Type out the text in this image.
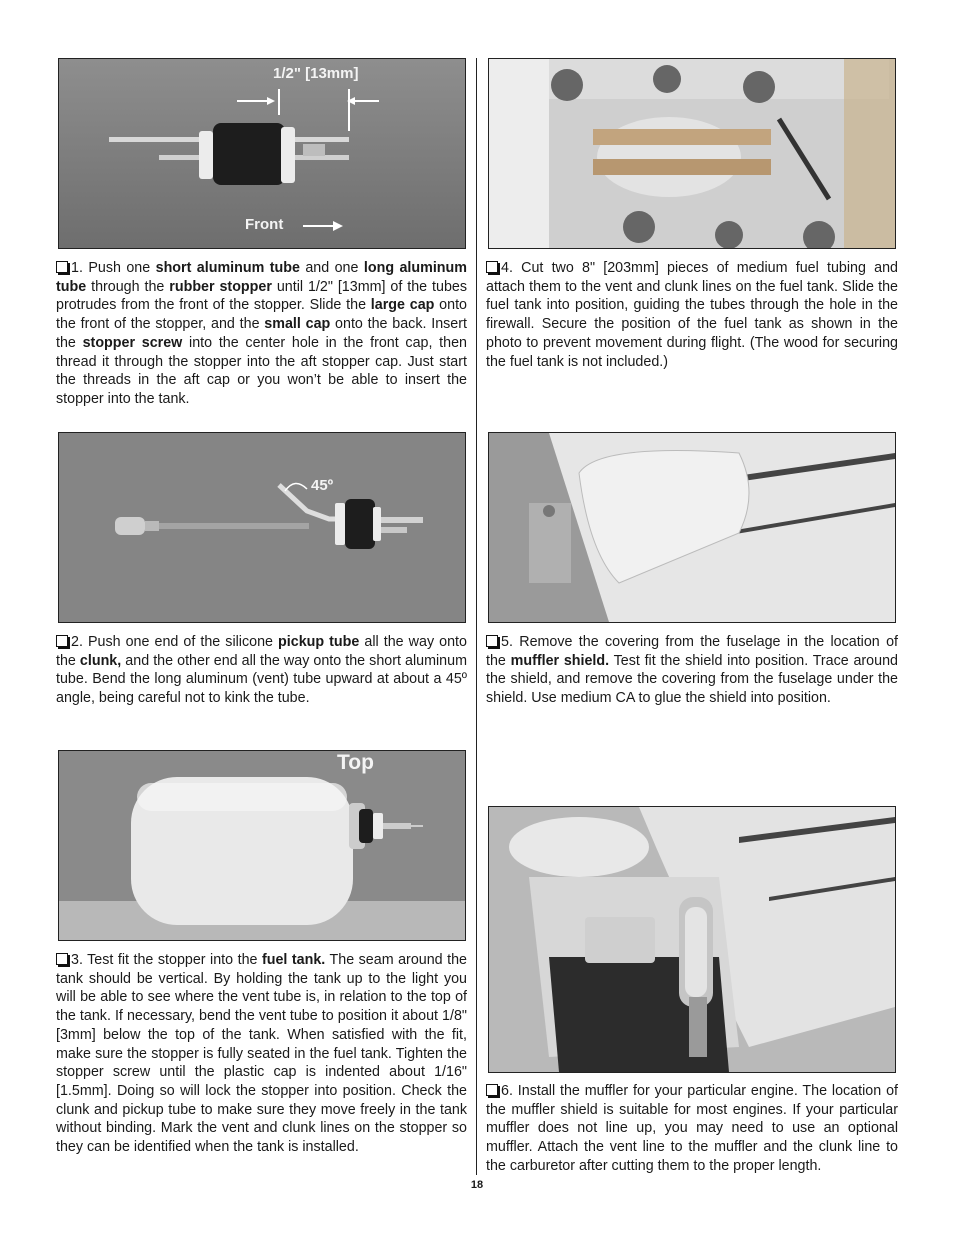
1/2" [13mm]
Front
45º
Top

1. Push one short aluminum tube and one long aluminum tube through the rubber stopper until 1/2" [13mm] of the tubes protrudes from the front of the stopper. Slide the large cap onto the front of the stopper, and the small cap onto the back. Insert the stopper screw into the center hole in the front cap, then thread it through the stopper into the aft stopper cap. Just start the threads in the aft cap or you won’t be able to insert the stopper into the tank.

2. Push one end of the silicone pickup tube all the way onto the clunk, and the other end all the way onto the short aluminum tube. Bend the long aluminum (vent) tube upward at about a 45º angle, being careful not to kink the tube.

3. Test fit the stopper into the fuel tank. The seam around the tank should be vertical. By holding the tank up to the light you will be able to see where the vent tube is, in relation to the top of the tank. If necessary, bend the vent tube to position it about 1/8" [3mm] below the top of the tank. When satisfied with the fit, make sure the stopper is fully seated in the fuel tank. Tighten the stopper screw until the plastic cap is indented about 1/16" [1.5mm]. Doing so will lock the stopper into position. Check the clunk and pickup tube to make sure they move freely in the tank without binding. Mark the vent and clunk lines on the stopper so they can be identified when the tank is installed.

4. Cut two 8" [203mm] pieces of medium fuel tubing and attach them to the vent and clunk lines on the fuel tank. Slide the fuel tank into position, guiding the tubes through the hole in the firewall. Secure the position of the fuel tank as shown in the photo to prevent movement during flight. (The wood for securing the fuel tank is not included.)

5. Remove the covering from the fuselage in the location of the muffler shield. Test fit the shield into position. Trace around the shield, and remove the covering from the fuselage under the shield. Use medium CA to glue the shield into position.

6. Install the muffler for your particular engine. The location of the muffler shield is suitable for most engines. If your particular muffler does not line up, you may need to use an optional muffler. Attach the vent line to the muffler and the clunk line to the carburetor after cutting them to the proper length.

18
